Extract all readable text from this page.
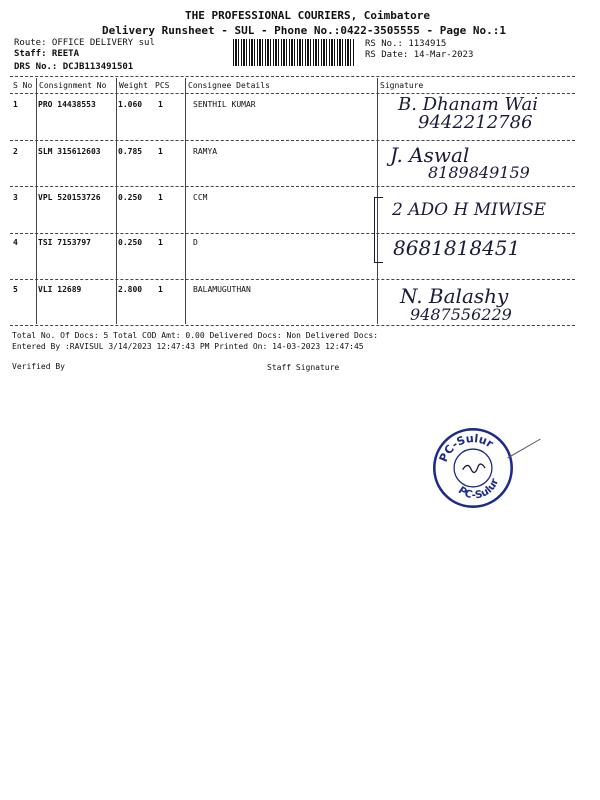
THE PROFESSIONAL COURIERS, Coimbatore
Delivery Runsheet - SUL - Phone No.:0422-3505555 - Page No.:1
Route: OFFICE DELIVERY sul
Staff: REETA
DRS No.: DCJB113491501
RS No.: 1134915
RS Date: 14-Mar-2023
S No Consignment No Weight PCS Consignee Details	Signature
1	PRO 14438553	1.060 1	SENTHIL KUMAR	B. Dhanam Wai
9442212786
2	SLM 315612603 0.785 1	RAMYA	J. Aswal
8189849159
3	VPL 520153726 0.250 1	CCM
2 ADO H MIWISE
4	TSI 7153797	0.250 1	D	8681818451
5	VLI 12689	2.800 1	BALAMUGUTHAN	N. Balashy
9487556229
Total No. Of Docs: 5 Total COD Amt: 0.00 Delivered Docs: Non Delivered Docs:
Entered By :RAVISUL 3/14/2023 12:47:43 PM Printed On: 14-03-2023 12:47:45
Verified By	Staff Signature
PC-Sulur
PC-Sulur
